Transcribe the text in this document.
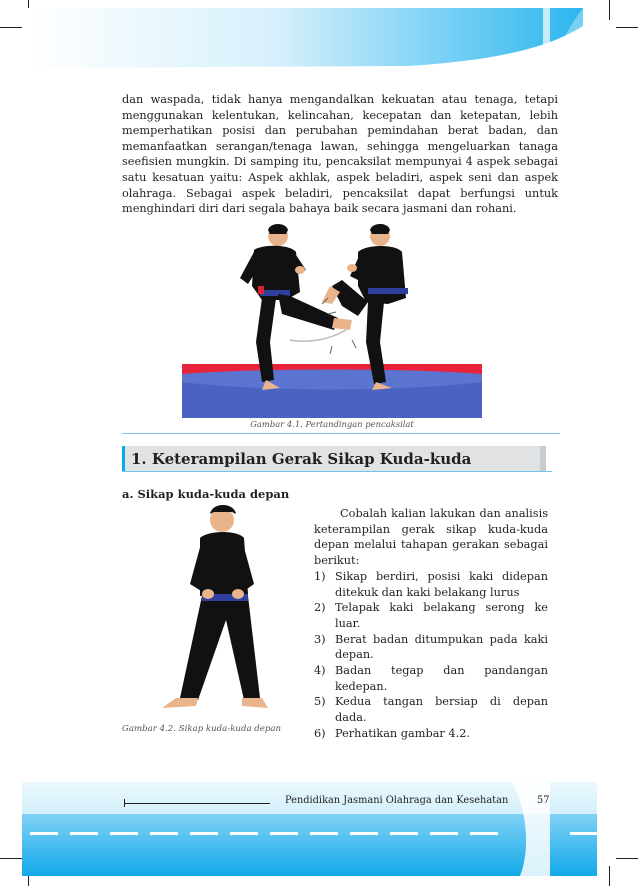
dan waspada, tidak hanya mengandalkan kekuatan atau tenaga, tetapi menggunakan kelentukan, kelincahan, kecepatan dan ketepatan, lebih memperhatikan posisi dan perubahan pemindahan berat badan, dan memanfaatkan serangan/tenaga lawan, sehingga mengeluarkan tanaga seefisien mungkin. Di samping itu, pencaksilat mempunyai 4 aspek sebagai satu kesatuan yaitu: Aspek akhlak, aspek beladiri, aspek seni dan aspek olahraga. Sebagai aspek beladiri, pencaksilat dapat berfungsi untuk menghindari diri dari segala bahaya baik secara jasmani dan rohani.

Gambar 4.1. Pertandingan pencaksilat
1. Keterampilan Gerak Sikap Kuda-kuda
a. Sikap kuda-kuda depan
Gambar 4.2. Sikap kuda-kuda depan

Cobalah kalian lakukan dan analisis keterampilan gerak sikap kuda-kuda depan melalui tahapan gerakan sebagai berikut:

1) Sikap berdiri, posisi kaki didepan ditekuk dan kaki belakang lurus
2) Telapak kaki belakang serong ke luar.
3) Berat badan ditumpukan pada kaki depan.
4) Badan tegap dan pandangan kedepan.
5) Kedua tangan bersiap di depan dada.
6) Perhatikan gambar 4.2.
Pendidikan Jasmani Olahraga dan Kesehatan	57
